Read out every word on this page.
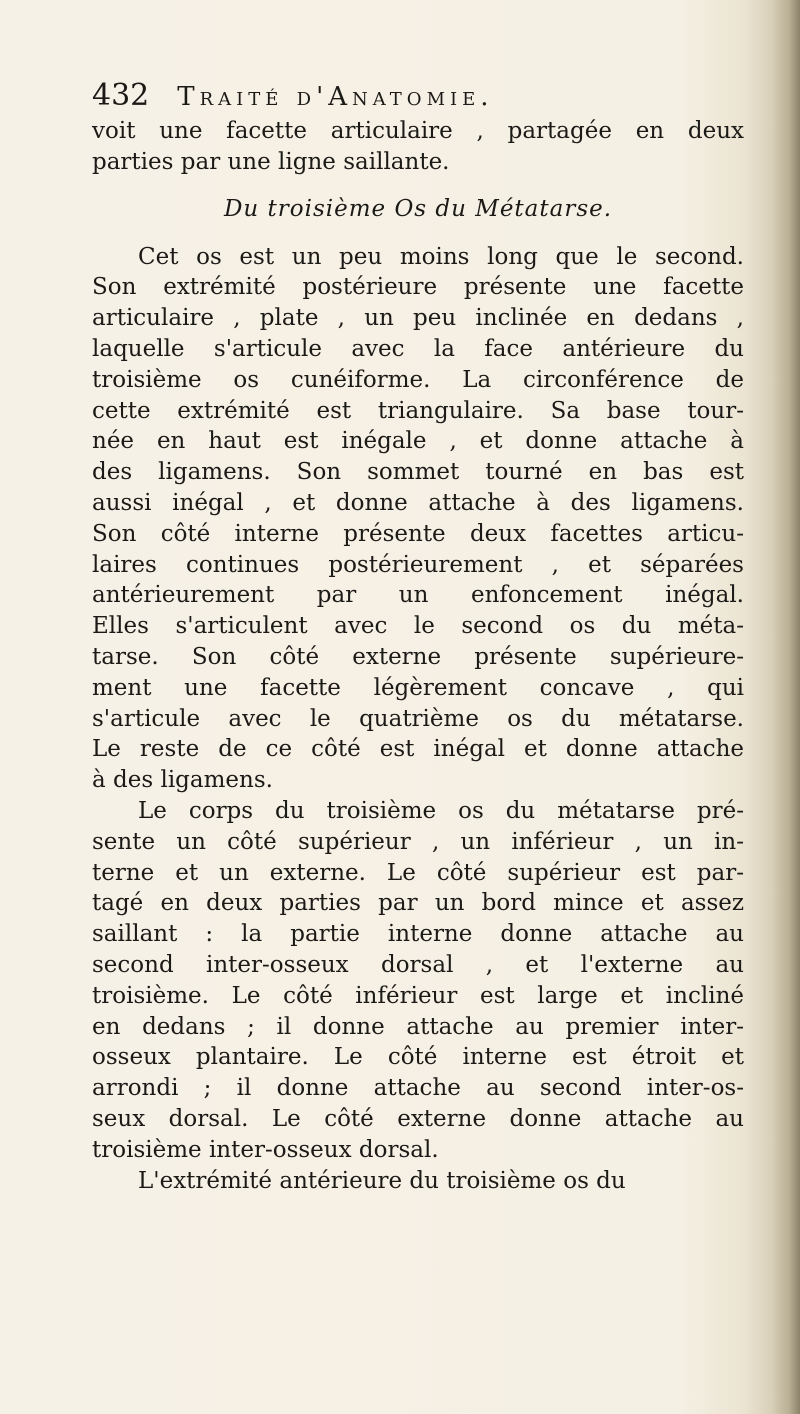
432 Traité d'Anatomie.
voit une facette articulaire , partagée en deux
parties par une ligne saillante.
Du troisième Os du Métatarse.
Cet os est un peu moins long que le second.
Son extrémité postérieure présente une facette
articulaire , plate , un peu inclinée en dedans ,
laquelle s'articule avec la face antérieure du
troisième os cunéiforme. La circonférence de
cette extrémité est triangulaire. Sa base tour-
née en haut est inégale , et donne attache à
des ligamens. Son sommet tourné en bas est
aussi inégal , et donne attache à des ligamens.
Son côté interne présente deux facettes articu-
laires continues postérieurement , et séparées
antérieurement par un enfoncement inégal.
Elles s'articulent avec le second os du méta-
tarse. Son côté externe présente supérieure-
ment une facette légèrement concave , qui
s'articule avec le quatrième os du métatarse.
Le reste de ce côté est inégal et donne attache
à des ligamens.
Le corps du troisième os du métatarse pré-
sente un côté supérieur , un inférieur , un in-
terne et un externe. Le côté supérieur est par-
tagé en deux parties par un bord mince et assez
saillant : la partie interne donne attache au
second inter-osseux dorsal , et l'externe au
troisième. Le côté inférieur est large et incliné
en dedans ; il donne attache au premier inter-
osseux plantaire. Le côté interne est étroit et
arrondi ; il donne attache au second inter-os-
seux dorsal. Le côté externe donne attache au
troisième inter-osseux dorsal.
L'extrémité antérieure du troisième os du
